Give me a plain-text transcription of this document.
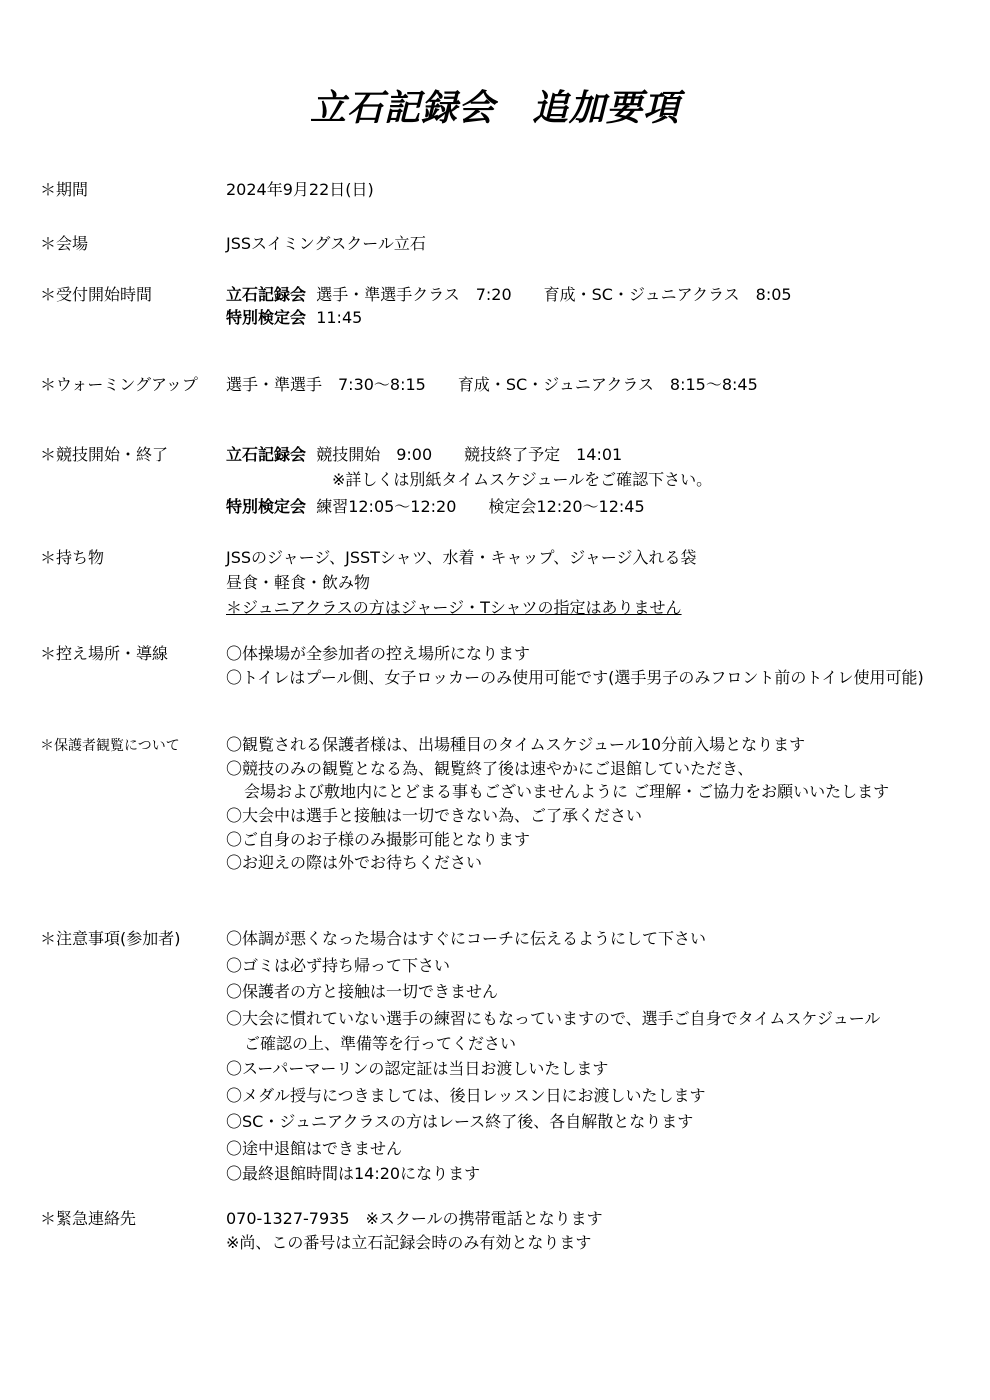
立石記録会　追加要項
＊期間	2024年9月22日(日)
＊会場	JSSスイミングスクール立石
＊受付開始時間	立石記録会 選手・準選手クラス　7:20　　育成・SC・ジュニアクラス　8:05
特別検定会 11:45
＊ウォーミングアップ 選手・準選手　7:30～8:15　　育成・SC・ジュニアクラス　8:15～8:45
＊競技開始・終了	立石記録会 競技開始　9:00　　競技終了予定　14:01
※詳しくは別紙タイムスケジュールをご確認下さい。
特別検定会 練習12:05～12:20　　検定会12:20～12:45
＊持ち物	JSSのジャージ、JSSTシャツ、水着・キャップ、ジャージ入れる袋
昼食・軽食・飲み物
＊ジュニアクラスの方はジャージ・Tシャツの指定はありません
＊控え場所・導線	〇体操場が全参加者の控え場所になります
〇トイレはプール側、女子ロッカーのみ使用可能です(選手男子のみフロント前のトイレ使用可能)
＊保護者観覧について	〇観覧される保護者様は、出場種目のタイムスケジュール10分前入場となります
〇競技のみの観覧となる為、観覧終了後は速やかにご退館していただき、
会場および敷地内にとどまる事もございませんように ご理解・ご協力をお願いいたします
〇大会中は選手と接触は一切できない為、ご了承ください
〇ご自身のお子様のみ撮影可能となります
〇お迎えの際は外でお待ちください
＊注意事項(参加者)	〇体調が悪くなった場合はすぐにコーチに伝えるようにして下さい
〇ゴミは必ず持ち帰って下さい
〇保護者の方と接触は一切できません
〇大会に慣れていない選手の練習にもなっていますので、選手ご自身でタイムスケジュール
ご確認の上、準備等を行ってください
〇スーパーマーリンの認定証は当日お渡しいたします
〇メダル授与につきましては、後日レッスン日にお渡しいたします
〇SC・ジュニアクラスの方はレース終了後、各自解散となります
〇途中退館はできません
〇最終退館時間は14:20になります
＊緊急連絡先	070-1327-7935　※スクールの携帯電話となります
※尚、この番号は立石記録会時のみ有効となります
